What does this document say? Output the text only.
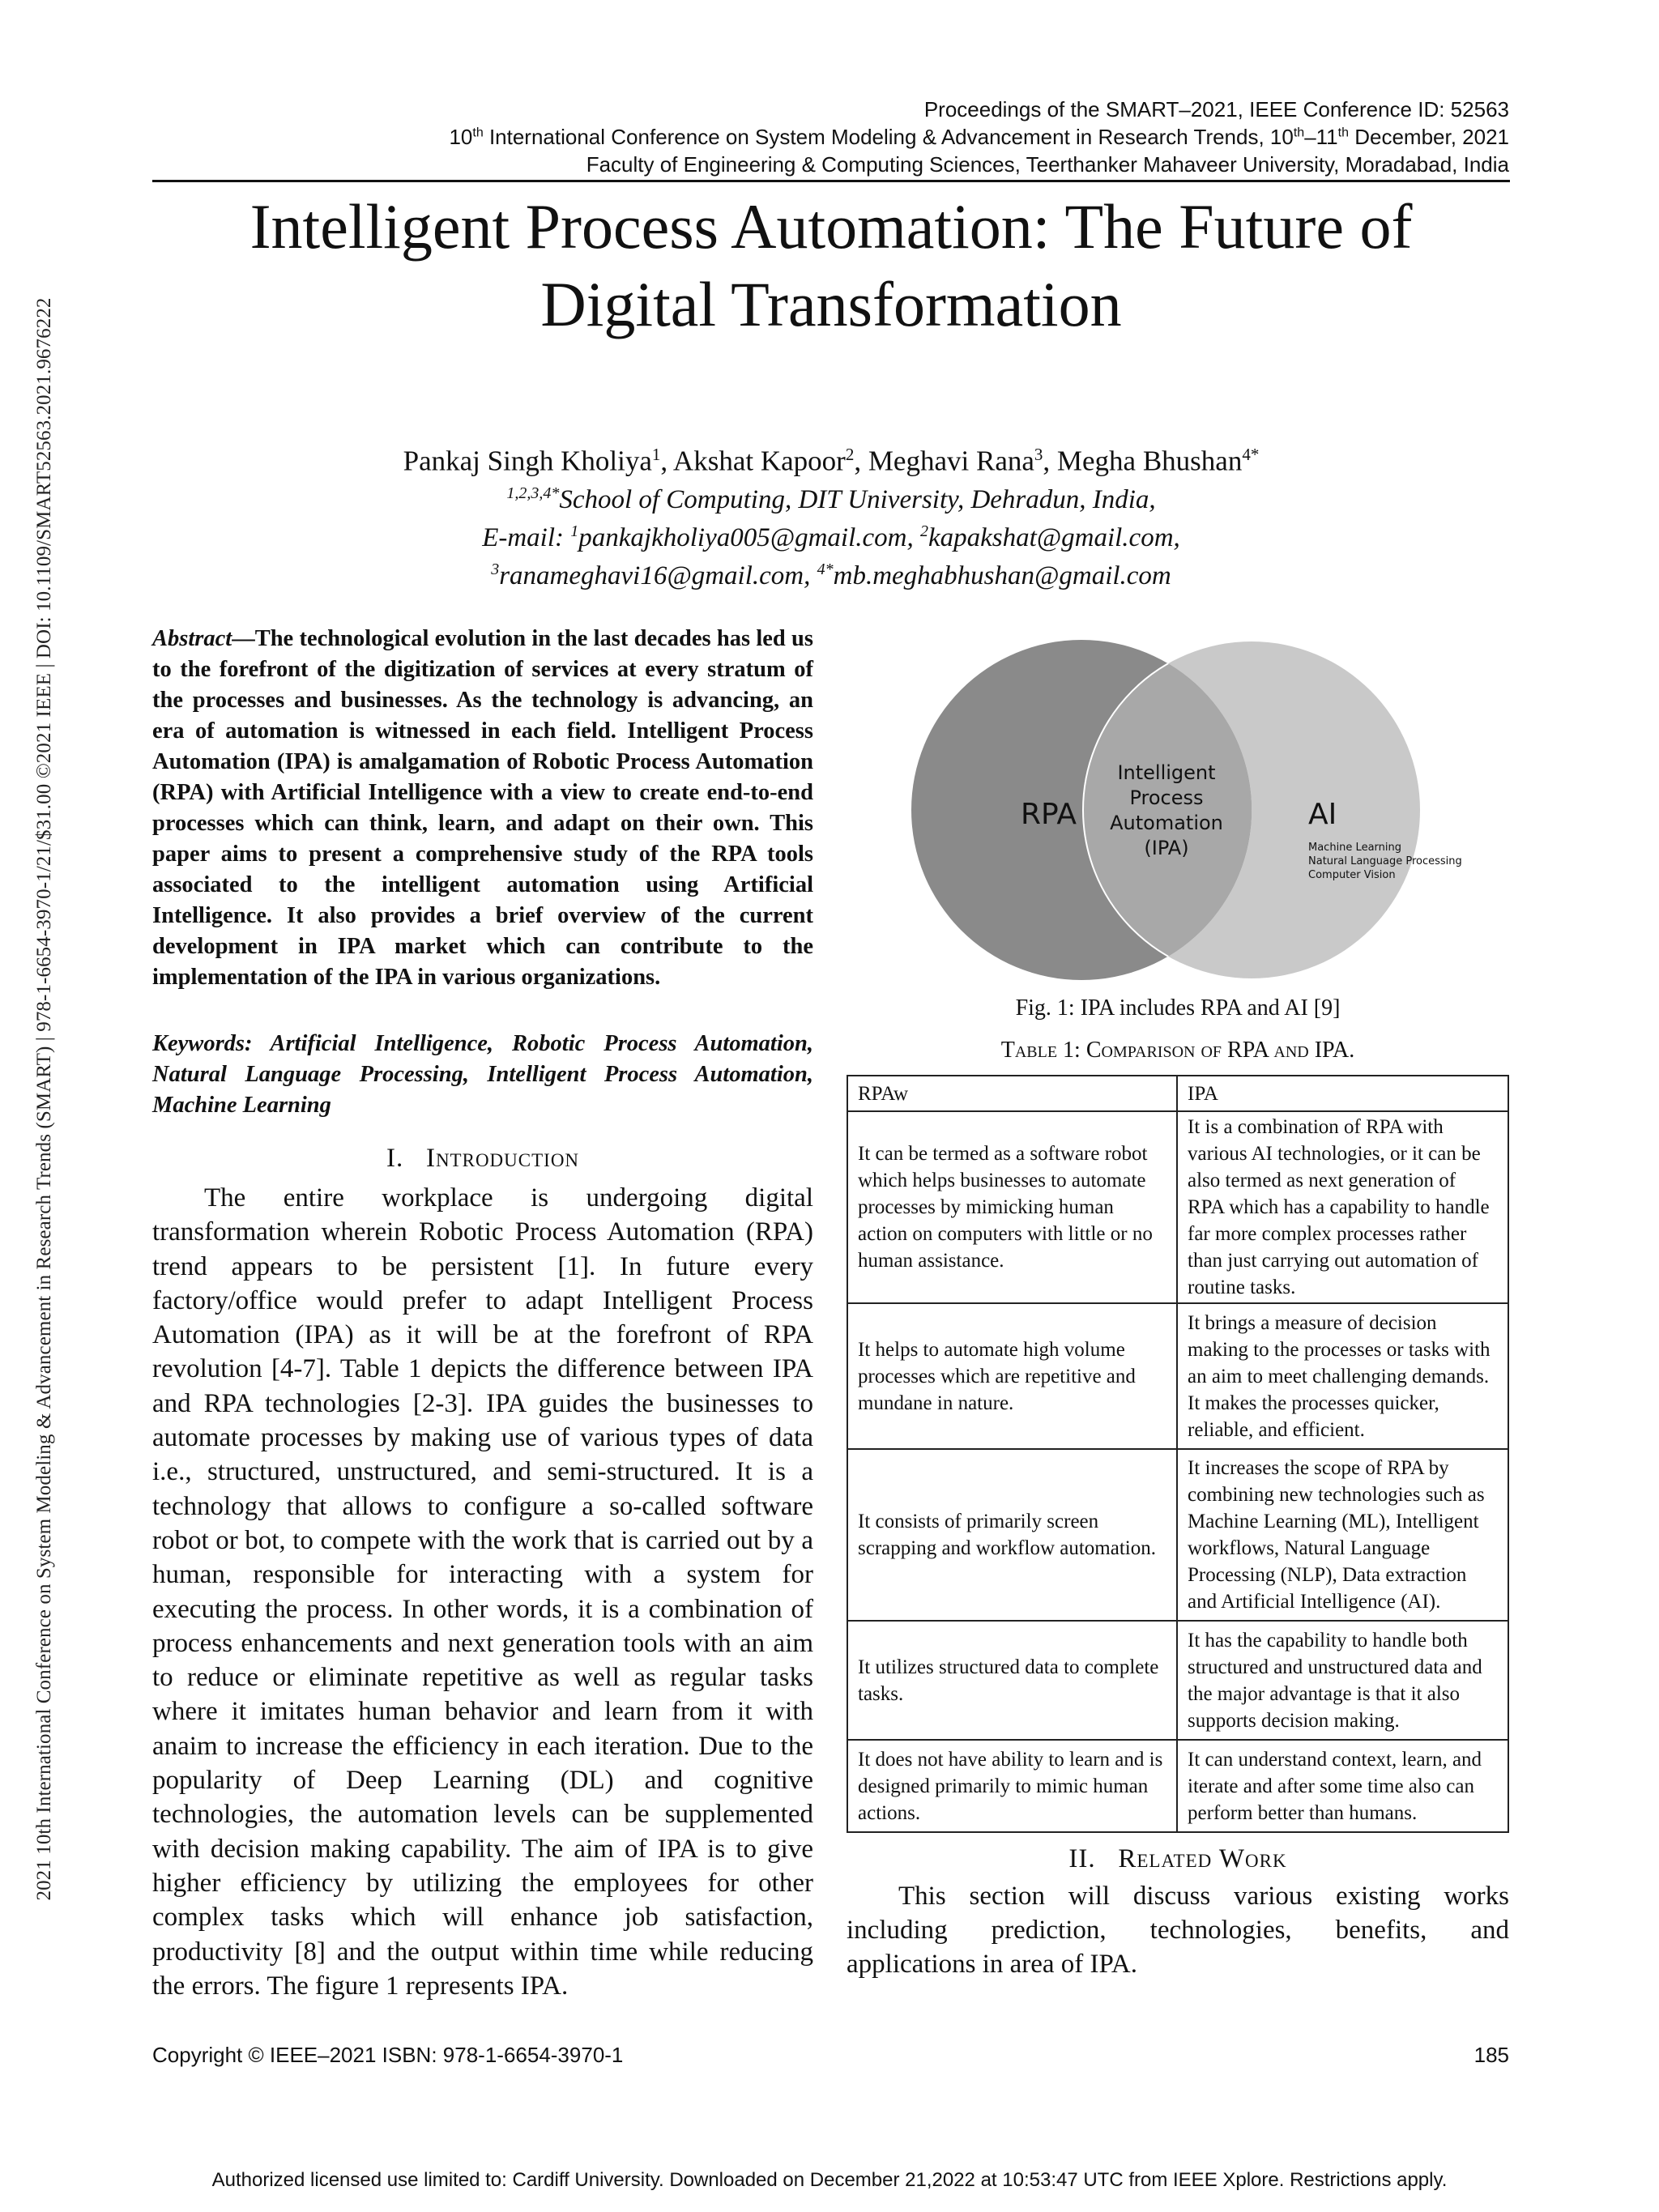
2021 10th International Conference on System Modeling & Advancement in Research Trends (SMART) | 978-1-6654-3970-1/21/$31.00 ©2021 IEEE | DOI: 10.1109/SMART52563.2021.9676222
Proceedings of the SMART–2021, IEEE Conference ID: 52563
10th International Conference on System Modeling & Advancement in Research Trends, 10th–11th December, 2021
Faculty of Engineering & Computing Sciences, Teerthanker Mahaveer University, Moradabad, India
Intelligent Process Automation: The Future of
Digital Transformation
Pankaj Singh Kholiya$^1$, Akshat Kapoor$^2$, Meghavi Rana$^3$, Megha Bhushan$^{4*}$
$^{1,2,3,4*}$School of Computing, DIT University, Dehradun, India,
E-mail: $^1$pankajkholiya005@gmail.com, $^2$kapakshat@gmail.com,
$^3$ranameghavi16@gmail.com, $^{4*}$mb.meghabhushan@gmail.com
Abstract—The technological evolution in the last decades has led us to the forefront of the digitization of services at every stratum of the processes and businesses. As the technology is advancing, an era of automation is witnessed in each field. Intelligent Process Automation (IPA) is amalgamation of Robotic Process Automation (RPA) with Artificial Intelligence with a view to create end-to-end processes which can think, learn, and adapt on their own. This paper aims to present a comprehensive study of the RPA tools associated to the intelligent automation using Artificial Intelligence. It also provides a brief overview of the current development in IPA market which can contribute to the implementation of the IPA in various organizations.
Keywords: Artificial Intelligence, Robotic Process Automation, Natural Language Processing, Intelligent Process Automation, Machine Learning
I. Introduction
The entire workplace is undergoing digital transformation wherein Robotic Process Automation (RPA) trend appears to be persistent [1]. In future every factory/office would prefer to adapt Intelligent Process Automation (IPA) as it will be at the forefront of RPA revolution [4-7]. Table 1 depicts the difference between IPA and RPA technologies [2-3]. IPA guides the businesses to automate processes by making use of various types of data i.e., structured, unstructured, and semi-structured. It is a technology that allows to configure a so-called software robot or bot, to compete with the work that is carried out by a human, responsible for interacting with a system for executing the process. In other words, it is a combination of process enhancements and next generation tools with an aim to reduce or eliminate repetitive as well as regular tasks where it imitates human behavior and learn from it with anaim to increase the efficiency in each iteration. Due to the popularity of Deep Learning (DL) and cognitive technologies, the automation levels can be supplemented with decision making capability. The aim of IPA is to give higher efficiency by utilizing the employees for other complex tasks which will enhance job satisfaction, productivity [8] and the output within time while reducing the errors. The figure 1 represents IPA.
RPA
Intelligent
Process
Automation
(IPA)
AI
Machine Learning
Natural Language Processing
Computer Vision
Fig. 1: IPA includes RPA and AI [9]
Table 1: Comparison of RPA and IPA.
RPAw	IPA
It can be termed as a software robot which helps businesses to automate processes by mimicking human action on computers with little or no human assistance.	It is a combination of RPA with various AI technologies, or it can be also termed as next generation of RPA which has a capability to handle far more complex processes rather than just carrying out automation of routine tasks.
It helps to automate high volume processes which are repetitive and mundane in nature.	It brings a measure of decision making to the processes or tasks with an aim to meet challenging demands. It makes the processes quicker, reliable, and efficient.
It consists of primarily screen scrapping and workflow automation.	It increases the scope of RPA by combining new technologies such as Machine Learning (ML), Intelligent workflows, Natural Language Processing (NLP), Data extraction and Artificial Intelligence (AI).
It utilizes structured data to complete tasks.	It has the capability to handle both structured and unstructured data and the major advantage is that it also supports decision making.
It does not have ability to learn and is designed primarily to mimic human actions.	It can understand context, learn, and iterate and after some time also can perform better than humans.
II. Related Work
This section will discuss various existing works including prediction, technologies, benefits, and
applications in area of IPA.
Copyright © IEEE–2021 ISBN: 978-1-6654-3970-1	185
Authorized licensed use limited to: Cardiff University. Downloaded on December 21,2022 at 10:53:47 UTC from IEEE Xplore. Restrictions apply.
